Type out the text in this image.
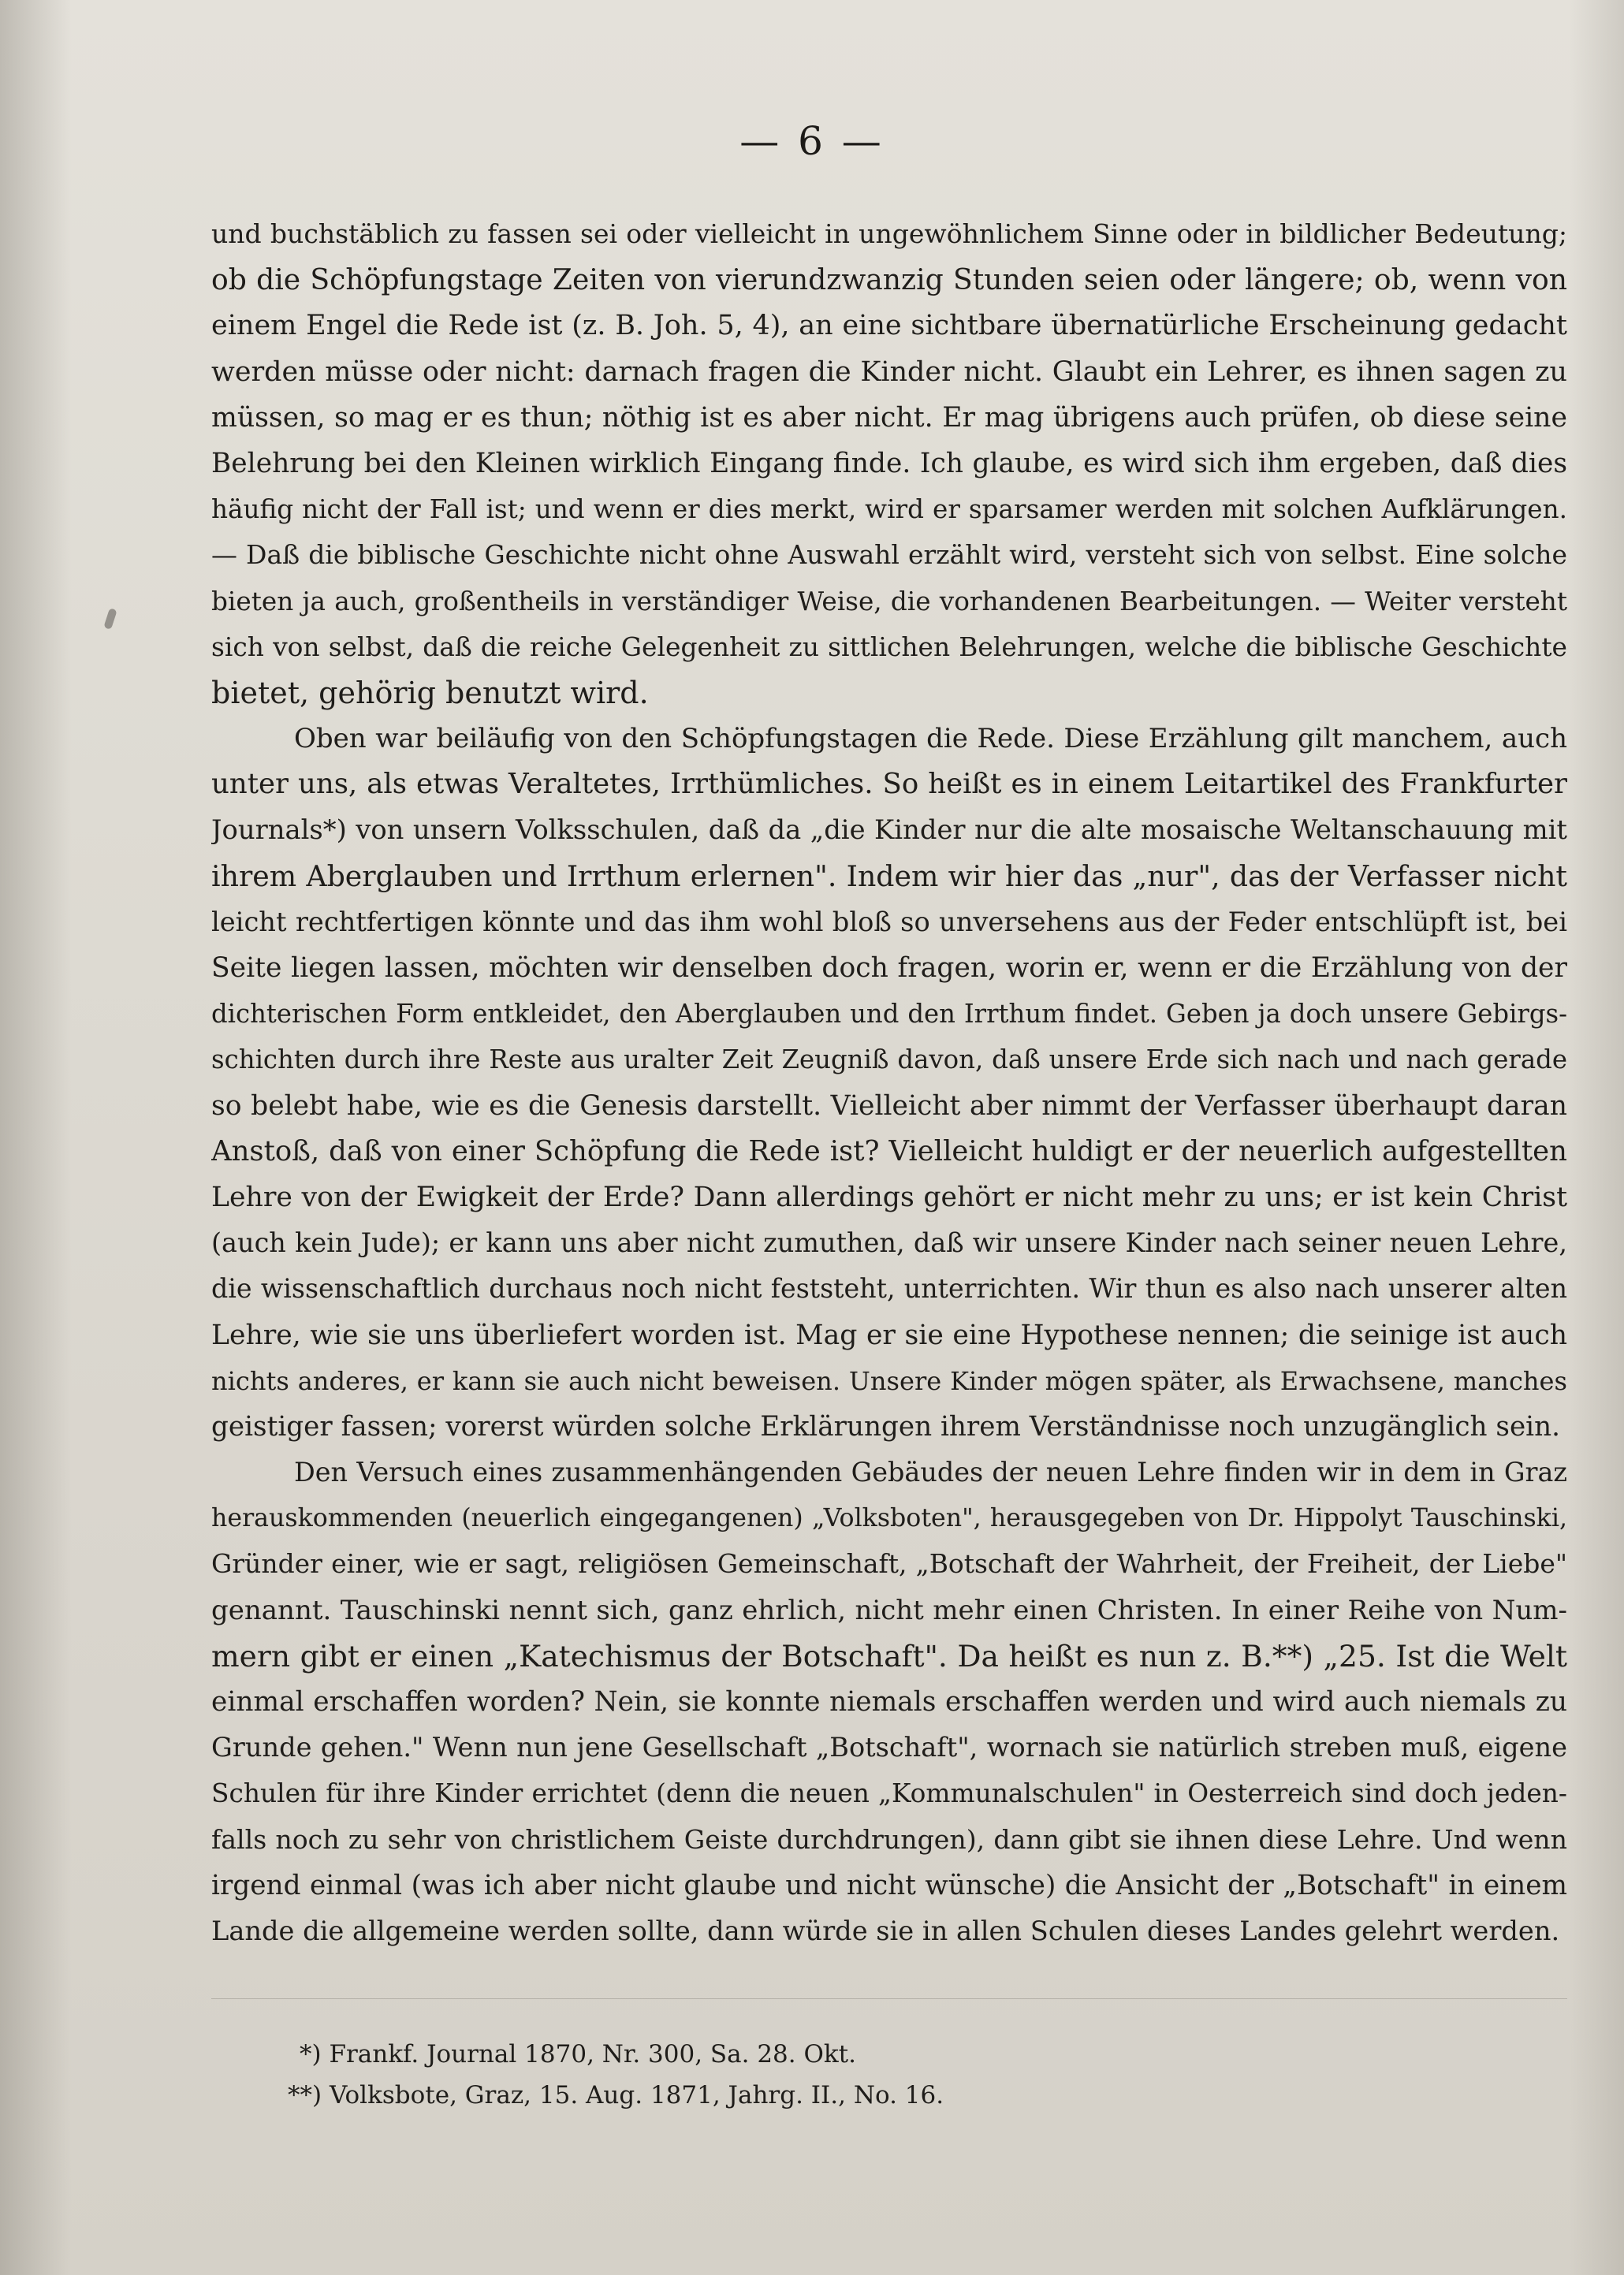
— 6 —
und buchstäblich zu fassen sei oder vielleicht in ungewöhnlichem Sinne oder in bildlicher Bedeutung;
ob die Schöpfungstage Zeiten von vierundzwanzig Stunden seien oder längere; ob, wenn von
einem Engel die Rede ist (z. B. Joh. 5, 4), an eine sichtbare übernatürliche Erscheinung gedacht
werden müsse oder nicht: darnach fragen die Kinder nicht. Glaubt ein Lehrer, es ihnen sagen zu
müssen, so mag er es thun; nöthig ist es aber nicht. Er mag übrigens auch prüfen, ob diese seine
Belehrung bei den Kleinen wirklich Eingang finde. Ich glaube, es wird sich ihm ergeben, daß dies
häufig nicht der Fall ist; und wenn er dies merkt, wird er sparsamer werden mit solchen Aufklärungen.
— Daß die biblische Geschichte nicht ohne Auswahl erzählt wird, versteht sich von selbst. Eine solche
bieten ja auch, großentheils in verständiger Weise, die vorhandenen Bearbeitungen. — Weiter versteht
sich von selbst, daß die reiche Gelegenheit zu sittlichen Belehrungen, welche die biblische Geschichte
bietet, gehörig benutzt wird.
Oben war beiläufig von den Schöpfungstagen die Rede. Diese Erzählung gilt manchem, auch
unter uns, als etwas Veraltetes, Irrthümliches. So heißt es in einem Leitartikel des Frankfurter
Journals*) von unsern Volksschulen, daß da „die Kinder nur die alte mosaische Weltanschauung mit
ihrem Aberglauben und Irrthum erlernen". Indem wir hier das „nur", das der Verfasser nicht
leicht rechtfertigen könnte und das ihm wohl bloß so unversehens aus der Feder entschlüpft ist, bei
Seite liegen lassen, möchten wir denselben doch fragen, worin er, wenn er die Erzählung von der
dichterischen Form entkleidet, den Aberglauben und den Irrthum findet. Geben ja doch unsere Gebirgs-
schichten durch ihre Reste aus uralter Zeit Zeugniß davon, daß unsere Erde sich nach und nach gerade
so belebt habe, wie es die Genesis darstellt. Vielleicht aber nimmt der Verfasser überhaupt daran
Anstoß, daß von einer Schöpfung die Rede ist? Vielleicht huldigt er der neuerlich aufgestellten
Lehre von der Ewigkeit der Erde? Dann allerdings gehört er nicht mehr zu uns; er ist kein Christ
(auch kein Jude); er kann uns aber nicht zumuthen, daß wir unsere Kinder nach seiner neuen Lehre,
die wissenschaftlich durchaus noch nicht feststeht, unterrichten. Wir thun es also nach unserer alten
Lehre, wie sie uns überliefert worden ist. Mag er sie eine Hypothese nennen; die seinige ist auch
nichts anderes, er kann sie auch nicht beweisen. Unsere Kinder mögen später, als Erwachsene, manches
geistiger fassen; vorerst würden solche Erklärungen ihrem Verständnisse noch unzugänglich sein.
Den Versuch eines zusammenhängenden Gebäudes der neuen Lehre finden wir in dem in Graz
herauskommenden (neuerlich eingegangenen) „Volksboten", herausgegeben von Dr. Hippolyt Tauschinski,
Gründer einer, wie er sagt, religiösen Gemeinschaft, „Botschaft der Wahrheit, der Freiheit, der Liebe"
genannt. Tauschinski nennt sich, ganz ehrlich, nicht mehr einen Christen. In einer Reihe von Num-
mern gibt er einen „Katechismus der Botschaft". Da heißt es nun z. B.**) „25. Ist die Welt
einmal erschaffen worden? Nein, sie konnte niemals erschaffen werden und wird auch niemals zu
Grunde gehen." Wenn nun jene Gesellschaft „Botschaft", wornach sie natürlich streben muß, eigene
Schulen für ihre Kinder errichtet (denn die neuen „Kommunalschulen" in Oesterreich sind doch jeden-
falls noch zu sehr von christlichem Geiste durchdrungen), dann gibt sie ihnen diese Lehre. Und wenn
irgend einmal (was ich aber nicht glaube und nicht wünsche) die Ansicht der „Botschaft" in einem
Lande die allgemeine werden sollte, dann würde sie in allen Schulen dieses Landes gelehrt werden.
*) Frankf. Journal 1870, Nr. 300, Sa. 28. Okt.
**) Volksbote, Graz, 15. Aug. 1871, Jahrg. II., No. 16.
